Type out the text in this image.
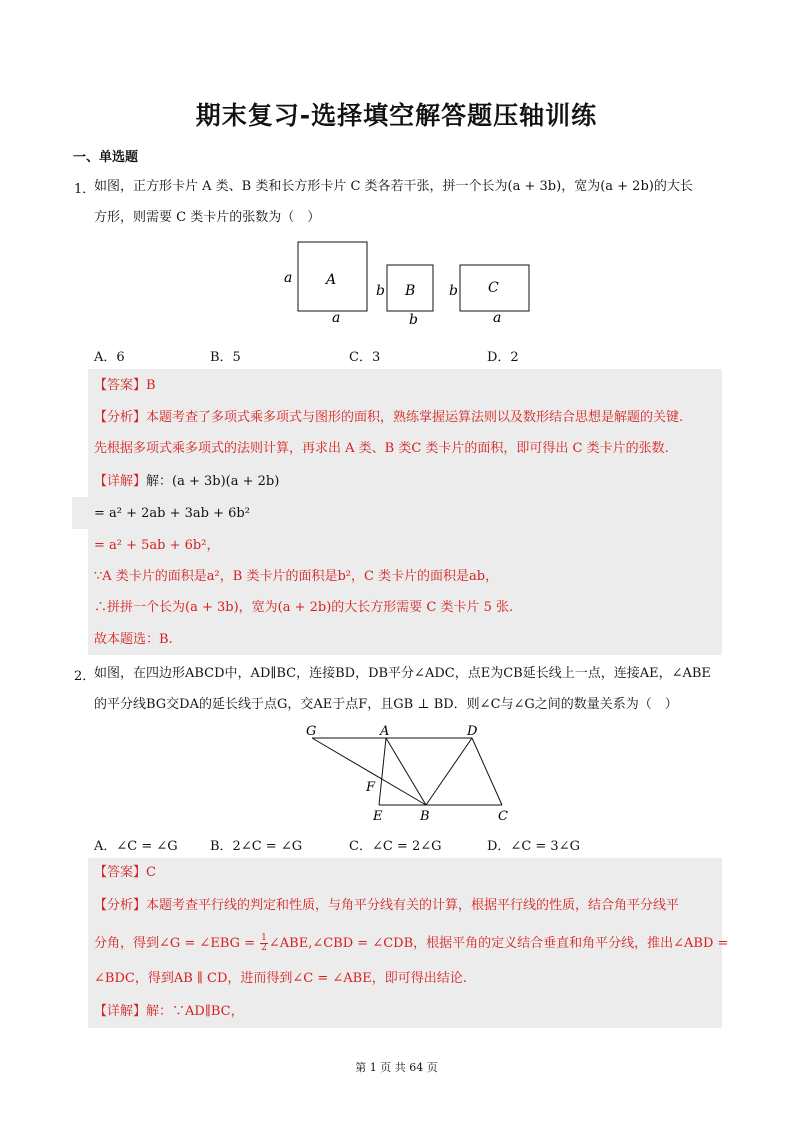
期末复习-选择填空解答题压轴训练
一、单选题
1．
如图，正方形卡片 A 类、B 类和长方形卡片 C 类各若干张，拼一个长为(a + 3b)，宽为(a + 2b)的大长
方形，则需要 C 类卡片的张数为（　）
A
a
a
B
b
b
C
b
a
A．6	B．5	C．3	D．2
【答案】B
【分析】本题考查了多项式乘多项式与图形的面积，熟练掌握运算法则以及数形结合思想是解题的关键.
先根据多项式乘多项式的法则计算，再求出 A 类、B 类C 类卡片的面积，即可得出 C 类卡片的张数.
【详解】解：(a + 3b)(a + 2b)
= a² + 2ab + 3ab + 6b²
= a² + 5ab + 6b²，
∵A 类卡片的面积是a²，B 类卡片的面积是b²，C 类卡片的面积是ab，
∴拼拼一个长为(a + 3b)，宽为(a + 2b)的大长方形需要 C 类卡片 5 张.
故本题选：B.
2．
如图，在四边形ABCD中，AD∥BC，连接BD，DB平分∠ADC，点E为CB延长线上一点，连接AE，∠ABE
的平分线BG交DA的延长线于点G，交AE于点F，且GB ⊥ BD．则∠C与∠G之间的数量关系为（　）
G	A	D
F
E	B	C
A．∠C = ∠G B．2∠C = ∠G	C．∠C = 2∠G	D．∠C = 3∠G
【答案】C
【分析】本题考查平行线的判定和性质，与角平分线有关的计算，根据平行线的性质，结合角平分线平
分角，得到∠G = ∠EBG = $\frac{1}{2}$ ∠ABE,∠CBD = ∠CDB，根据平角的定义结合垂直和角平分线，推出∠ABD =
∠BDC，得到AB ∥ CD，进而得到∠C = ∠ABE，即可得出结论.
【详解】解：∵AD∥BC，
第 1 页 共 64 页
